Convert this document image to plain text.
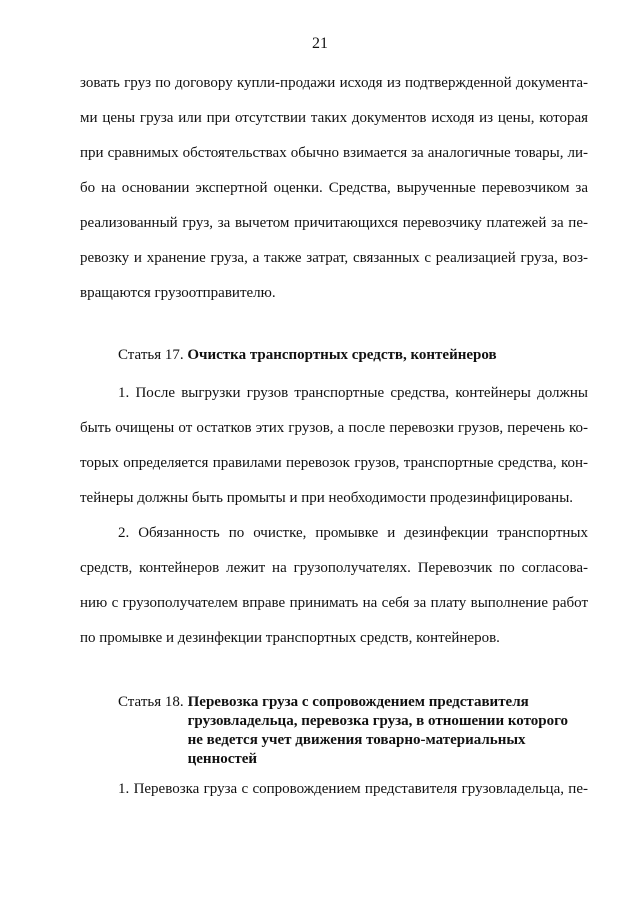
21

зовать груз по договору купли-продажи исходя из подтвержденной документа-

ми цены груза или при отсутствии таких документов исходя из цены, которая

при сравнимых обстоятельствах обычно взимается за аналогичные товары, ли-

бо на основании экспертной оценки. Средства, вырученные перевозчиком за

реализованный груз, за вычетом причитающихся перевозчику платежей за пе-

ревозку и хранение груза, а также затрат, связанных с реализацией груза, воз-

вращаются грузоотправителю.

Статья 17. Очистка транспортных средств, контейнеров

1. После выгрузки грузов транспортные средства, контейнеры должны

быть очищены от остатков этих грузов, а после перевозки грузов, перечень ко-

торых определяется правилами перевозок грузов, транспортные средства, кон-

тейнеры должны быть промыты и при необходимости продезинфицированы.

2. Обязанность по очистке, промывке и дезинфекции транспортных

средств, контейнеров лежит на грузополучателях. Перевозчик по согласова-

нию с грузополучателем вправе принимать на себя за плату выполнение работ

по промывке и дезинфекции транспортных средств, контейнеров.

Статья 18. Перевозка груза с сопровождением представителя
грузовладельца, перевозка груза, в отношении которого
не ведется учет движения товарно-материальных
ценностей

1. Перевозка груза с сопровождением представителя грузовладельца, пе-
